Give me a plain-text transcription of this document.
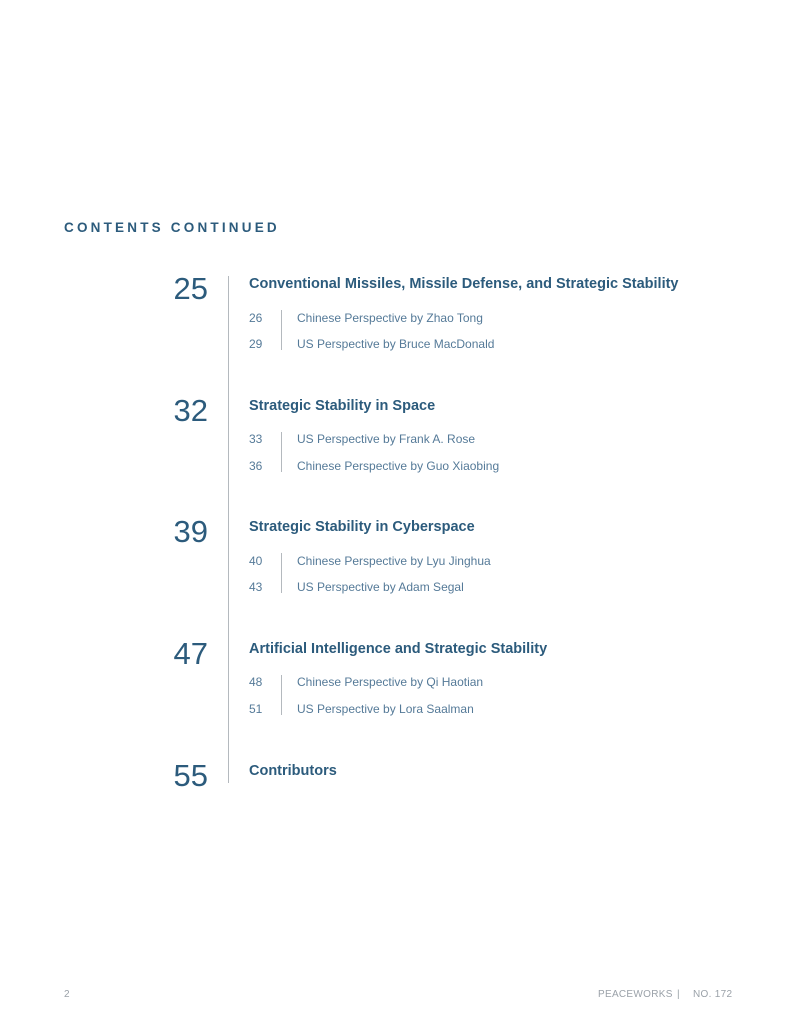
CONTENTS CONTINUED
25	Conventional Missiles, Missile Defense, and Strategic Stability
26	Chinese Perspective by Zhao Tong
29	US Perspective by Bruce MacDonald
32	Strategic Stability in Space
33	US Perspective by Frank A. Rose
36	Chinese Perspective by Guo Xiaobing
39	Strategic Stability in Cyberspace
40	Chinese Perspective by Lyu Jinghua
43	US Perspective by Adam Segal
47	Artificial Intelligence and Strategic Stability
48	Chinese Perspective by Qi Haotian
51	US Perspective by Lora Saalman
55	Contributors
2	PEACEWORKS | NO. 172
